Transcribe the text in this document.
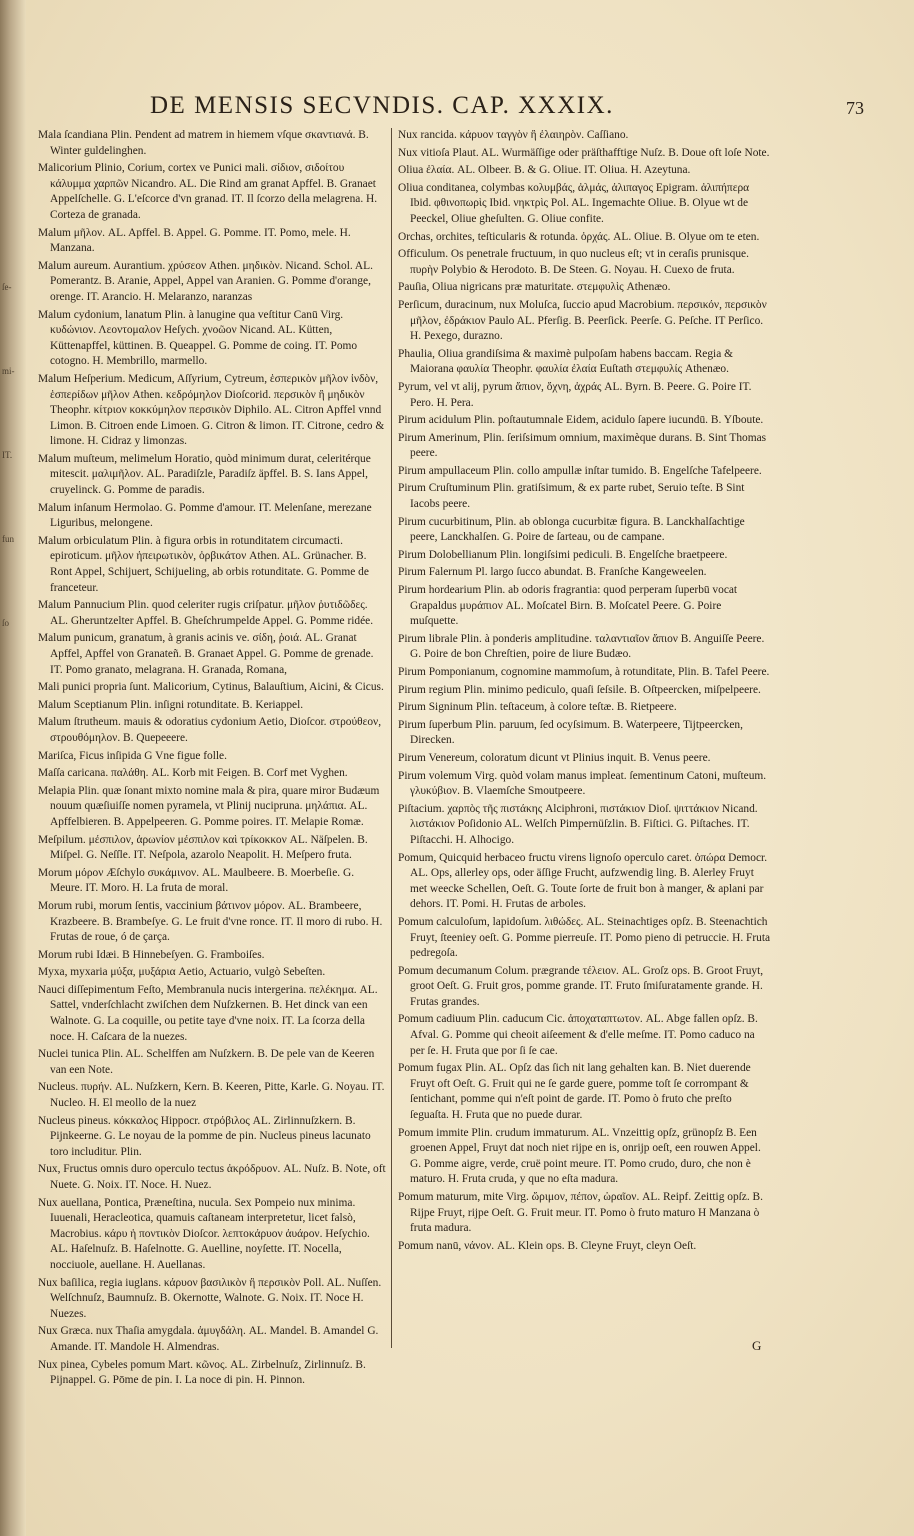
ſe-
mi-
IT.
fun
ſo
DE MENSIS SECVNDIS. CAP. XXXIX.	73

Mala ſcandiana Plin. Pendent ad matrem in hiemem vſque σκαντιανά. B. Winter guldelinghen.

Malicorium Plinio, Corium, cortex ve Punici mali. σίδιον, σιδοίτου κάλυμμα χαρπῶν Nicandro. AL. Die Rind am granat Apffel. B. Granaet Appelſchelle. G. L'eſcorce d'vn granad. IT. Il ſcorzo della melagrena. H. Corteza de granada.

Malum μῆλον. AL. Apffel. B. Appel. G. Pomme. IT. Pomo, mele. H. Manzana.

Malum aureum. Aurantium. χρύσεον Athen. μηδικὸν. Nicand. Schol. AL. Pomerantz. B. Aranie, Appel, Appel van Aranien. G. Pomme d'orange, orenge. IT. Arancio. H. Melaranzo, naranzas

Malum cydonium, lanatum Plin. à lanugine qua veſtitur Canū Virg. κυδώνιον. Λεοντομαλον Heſych. χνοῶον Nicand. AL. Kütten, Küttenapffel, küttinen. B. Queappel. G. Pomme de coing. IT. Pomo cotogno. H. Membrillo, marmello.

Malum Heſperium. Medicum, Aſſyrium, Cytreum, ἑσπερικὸν μῆλον ἰνδὸν, ἑσπερίδων μῆλον Athen. κεδρόμηλον Dioſcorid. περσικὸν ἢ μηδικὸν Theophr. κίτριον κοκκύμηλον περσικὸν Diphilo. AL. Citron Apffel vnnd Limon. B. Citroen ende Limoen. G. Citron & limon. IT. Citrone, cedro & limone. H. Cidraz y limonzas.

Malum muſteum, melimelum Horatio, quòd minimum durat, celeritérque mitescit. μαλιμῆλον. AL. Paradiſzle, Paradiſz äpffel. B. S. Ians Appel, cruyelinck. G. Pomme de paradis.

Malum inſanum Hermolao. G. Pomme d'amour. IT. Melenſane, merezane Liguribus, melongene.

Malum orbiculatum Plin. à figura orbis in rotunditatem circumacti. epiroticum. μῆλον ἠπειρωτικὸν, ὀρβικάτον Athen. AL. Grünacher. B. Ront Appel, Schijuert, Schijueling, ab orbis rotunditate. G. Pomme de franceteur.

Malum Pannucium Plin. quod celeriter rugis criſpatur. μῆλον ῥυτιδῶδες. AL. Gheruntzelter Apffel. B. Gheſchrumpelde Appel. G. Pomme ridée.

Malum punicum, granatum, à granis acinis ve. σίδη, ῥοιά. AL. Granat Apffel, Apffel von Granateñ. B. Granaet Appel. G. Pomme de grenade. IT. Pomo granato, melagrana. H. Granada, Romana,

Mali punici propria ſunt. Malicorium, Cytinus, Balauſtium, Aicini, & Cicus.

Malum Sceptianum Plin. inſigni rotunditate. B. Keriappel.

Malum ſtrutheum. mauis & odoratius cydonium Aetio, Dioſcor. στρούθεον, στρουθόμηλον. B. Quepeeere.

Mariſca, Ficus inſipida G Vne figue folle.

Maſſa caricana. παλάθη. AL. Korb mit Feigen. B. Corf met Vyghen.

Melapia Plin. quæ ſonant mixto nomine mala & pira, quare miror Budæum nouum quæſiuiſſe nomen pyramela, vt Plinij nuciprunа. μηλάπια. AL. Apffelbieren. B. Appelpeeren. G. Pomme poires. IT. Melapie Romæ.

Meſpilum. μέσπιλον, ἀρωνίον μέσπιλον καὶ τρίκοκκον AL. Näſpelen. B. Miſpel. G. Neſſle. IT. Neſpola, azarolo Neapolit. H. Meſpero fruta.

Morum μόρον Æſchylo συκάμινον. AL. Maulbeere. B. Moerbeſie. G. Meure. IT. Moro. H. La fruta de moral.

Morum rubi, morum ſentis, vaccinium βάτινον μόρον. AL. Brambeere, Krazbeere. B. Brambeſye. G. Le fruit d'vne ronce. IT. Il moro di rubo. H. Frutas de roue, ó de çarça.

Morum rubi Idæi. B Hinnebeſyen. G. Framboiſes.

Myxa, myxaria μύξα, μυξάρια Aetio, Actuario, vulgò Sebeſten.

Nauci diſſepimentum Feſto, Membranula nucis intergerina. πελέκημα. AL. Sattel, vnderſchlacht zwiſchen dem Nuſzkernen. B. Het dinck van een Walnote. G. La coquille, ou petite taye d'vne noix. IT. La ſcorza della noce. H. Caſcara de la nuezes.

Nuclei tunica Plin. AL. Schelffen am Nuſzkern. B. De pele van de Keeren van een Note.

Nucleus. πυρήν. AL. Nuſzkern, Kern. B. Keeren, Pitte, Karle. G. Noyau. IT. Nucleo. H. El meollo de la nuez

Nucleus pineus. κόκκαλος Hippocr. στρόβιλος AL. Zirlinnuſzkern. B. Pijnkeerne. G. Le noyau de la pomme de pin. Nucleus pineus lacunato toro includitur. Plin.

Nux, Fructus omnis duro operculo tectus ἀκρόδρυον. AL. Nuſz. B. Note, oft Nuete. G. Noix. IT. Noce. H. Nuez.

Nux auellana, Pontica, Præneſtina, nucula. Sex Pompeio nux minima. Iuuenali, Heracleotica, quamuis caſtaneam interpretetur, licet falsò, Macrobius. κάρυ ἡ ποντικὸν Dioſcor. λεπτοκάρυον ἀυάρον. Heſychio. AL. Haſelnuſz. B. Haſelnotte. G. Auelline, noyſette. IT. Nocella, nocciuole, auellane. H. Auellanas.

Nux baſilica, regia iuglans. κάρυον βασιλικὸν ἢ περσικὸν Poll. AL. Nuſſen. Welſchnuſz, Baumnuſz. B. Okernotte, Walnote. G. Noix. IT. Noce H. Nuezes.

Nux Græca. nux Thaſia amygdala. ἀμυγδάλη. AL. Mandel. B. Amandel G. Amande. IT. Mandole H. Almendras.

Nux pinea, Cybeles pomum Mart. κῶνος. AL. Zirbelnuſz, Zirlinnuſz. B. Pijnappel. G. Pōme de pin. I. La noce di pin. H. Pinnon.

Nux rancida. κάρυον ταγγὸν ἢ ἐλαιηρὸν. Caſſiano.

Nux vitioſa Plaut. AL. Wurmäſſige oder präſthafftige Nuſz. B. Doue oft loſe Note.

Oliua ἐλαία. AL. Olbeer. B. & G. Oliue. IT. Oliua. H. Azeytuna.

Oliua conditanea, colymbas κολυμβάς, ἁλμάς, ἀλιπαγος Epigram. ἁλιπήπερα Ibid. φθινοπωρὶς Ibid. νηκτρὶς Pol. AL. Ingemachte Oliue. B. Olyue wt de Peeckel, Oliue gheſulten. G. Oliue confite.

Orchas, orchites, teſticularis & rotunda. ὀρχάς. AL. Oliue. B. Olyue om te eten.

Officulum. Os penetrale fructuum, in quo nucleus eſt; vt in ceraſis prunisque. πυρὴν Polybio & Herodoto. B. De Steen. G. Noyau. H. Cuexo de fruta.

Pauſia, Oliua nigricans præ maturitate. στεμφυλὶς Athenæo.

Perſicum, duracinum, nux Moluſca, ſuccio apud Macrobium. περσικόν, περσικὸν μῆλον, ἐδράκιον Paulo AL. Pferſig. B. Peerſick. Peerſe. G. Peſche. IT Perſico. H. Pexego, durazno.

Phaulia, Oliua grandiſsima & maximè pulpoſam habens baccam. Regia & Maiorana φαυλία Theophr. φαυλία ἐλαία Euſtath στεμφυλίς Athenæo.

Pyrum, vel vt alij, pyrum ἄπιον, ὄχνη, ἀχράς AL. Byrn. B. Peere. G. Poire IT. Pero. H. Pera.

Pirum acidulum Plin. poſtautumnale Eidem, acidulo ſapere iucundū. B. Yſboute.

Pirum Amerinum, Plin. ſeriſsimum omnium, maximèque durans. B. Sint Thomas peere.

Pirum ampullaceum Plin. collo ampullæ inſtar tumido. B. Engelſche Tafelpeere.

Pirum Cruſtuminum Plin. gratiſsimum, & ex parte rubet, Seruio teſte. B Sint Iacobs peere.

Pirum cucurbitinum, Plin. ab oblonga cucurbitæ figura. B. Lanckhalſachtige peere, Lanckhalſen. G. Poire de ſarteau, ou de campane.

Pirum Dolobellianum Plin. longiſsimi pediculi. B. Engelſche braetpeere.

Pirum Falernum Pl. largo ſucco abundat. B. Franſche Kangeweelen.

Pirum hordearium Plin. ab odoris fragrantia: quod perperam ſuperbū vocat Grapaldus μυράπιον AL. Moſcatel Birn. B. Moſcatel Peere. G. Poire muſquette.

Pirum librale Plin. à ponderis amplitudine. ταλαντιαῖον ἄπιον B. Anguiſſe Peere. G. Poire de bon Chreſtien, poire de liure Budæo.

Pirum Pomponianum, cognomine mammoſum, à rotunditate, Plin. B. Tafel Peere.

Pirum regium Plin. minimo pediculo, quaſi ſeſsile. B. Oſtpeercken, miſpelpeere.

Pirum Signinum Plin. teſtaceum, à colore teſtæ. B. Rietpeere.

Pirum ſuperbum Plin. paruum, ſed ocyſsimum. B. Waterpeere, Tijtpeercken, Direcken.

Pirum Venereum, coloratum dicunt vt Plinius inquit. B. Venus peere.

Pirum volemum Virg. quòd volam manus impleat. ſementinum Catoni, muſteum. γλυκύβιον. B. Vlaemſche Smoutpeere.

Piſtacium. χαρπὸς τῆς πιστάκης Alciphroni, πιστάκιον Dioſ. ψιττάκιον Nicand. λιστάκιον Poſidonio AL. Welſch Pimpernüſzlin. B. Fiſtici. G. Piſtaches. IT. Piſtacchi. H. Alhocigo.

Pomum, Quicquid herbaceo fructu virens lignoſo operculo caret. ὀπώρα Democr. AL. Ops, allerley ops, oder äſſige Frucht, aufzwendig ling. B. Alerley Fruyt met weecke Schellen, Oeſt. G. Toute ſorte de fruit bon à manger, & aplani par dehors. IT. Pomi. H. Frutas de arboles.

Pomum calculoſum, lapidoſum. λιθώδες. AL. Steinachtiges opſz. B. Steenachtich Fruyt, ſteeniey oeſt. G. Pomme pierreuſe. IT. Pomo pieno di petruccie. H. Fruta pedregoſa.

Pomum decumanum Colum. prægrande τέλειον. AL. Groſz ops. B. Groot Fruyt, groot Oeſt. G. Fruit gros, pomme grande. IT. Fruto ſmiſuratamente grande. H. Frutas grandes.

Pomum cadiuum Plin. caducum Cic. ἀποχαταπτωτον. AL. Abge fallen opſz. B. Afval. G. Pomme qui cheoit aiſeement & d'elle meſme. IT. Pomo caduco na per ſe. H. Fruta que por ſi ſe cae.

Pomum fugax Plin. AL. Opſz das ſich nit lang gehalten kan. B. Niet duerende Fruyt oft Oeſt. G. Fruit qui ne ſe garde guere, pomme toſt ſe corrompant & ſentichant, pomme qui n'eſt point de garde. IT. Pomo ò fruto che preſto ſeguaſta. H. Fruta que no puede durar.

Pomum immite Plin. crudum immaturum. AL. Vnzeittig opſz, grünopſz B. Een groenen Appel, Fruyt dat noch niet rijpe en is, onrijp oeſt, een rouwen Appel. G. Pomme aigre, verde, cruë point meure. IT. Pomo crudo, duro, che non è maturo. H. Fruta cruda, y que no eſta madura.

Pomum maturum, mite Virg. ὥριμον, πέπον, ὡραῖον. AL. Reipf. Zeittig opſz. B. Rijpe Fruyt, rijpe Oeſt. G. Fruit meur. IT. Pomo ò fruto maturo H Manzana ò fruta madura.

Pomum nanū, νάνον. AL. Klein ops. B. Cleyne Fruyt, cleyn Oeſt.

G
